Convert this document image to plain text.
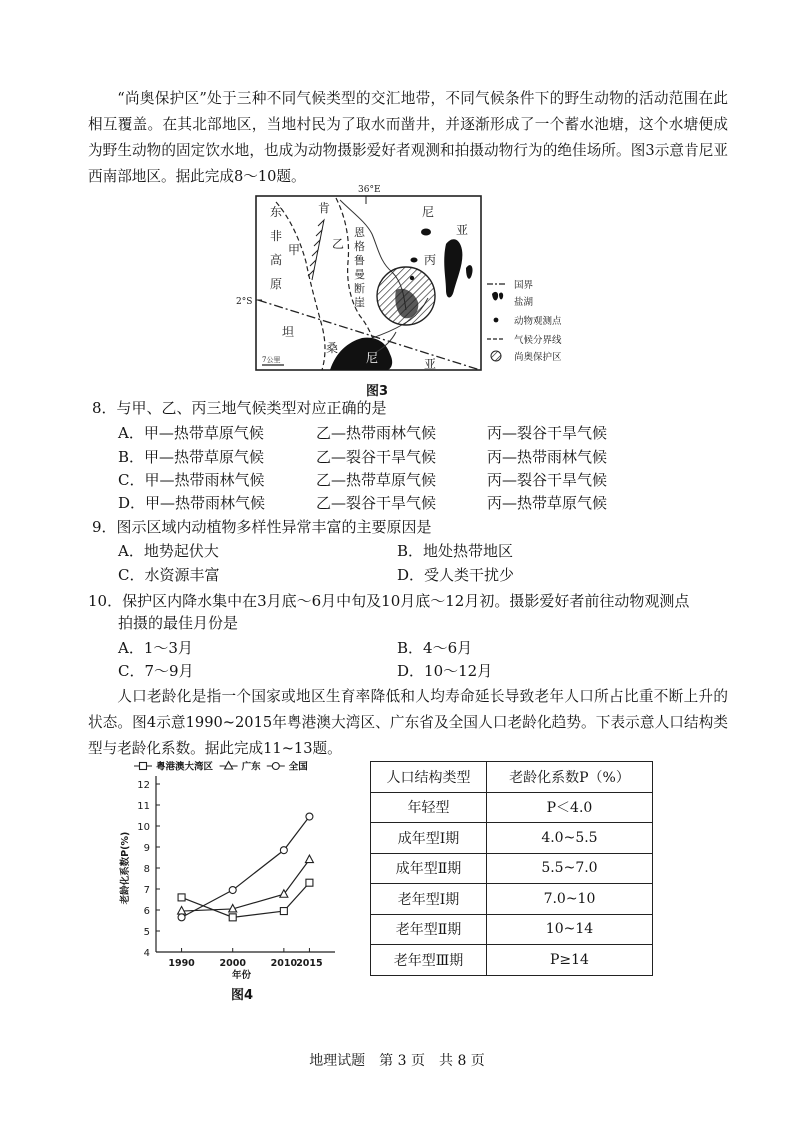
“尚奥保护区”处于三种不同气候类型的交汇地带，不同气候条件下的野生动物的活动范围在此相互覆盖。在其北部地区，当地村民为了取水而凿井，并逐渐形成了一个蓄水池塘，这个水塘便成为野生动物的固定饮水地，也成为动物摄影爱好者观测和拍摄动物行为的绝佳场所。图3示意肯尼亚西南部地区。据此完成8～10题。
36°E
2°S
东
非
高
原
肯	尼
亚
甲	乙
丙
恩
格
鲁
曼
断
崖
坦
桑
尼	亚
7公里
国界
盐湖
动物观测点
气候分界线
尚奥保护区
图3
8．与甲、乙、丙三地气候类型对应正确的是
A．甲—热带草原气候	乙—热带雨林气候	丙—裂谷干旱气候
B．甲—热带草原气候	乙—裂谷干旱气候	丙—热带雨林气候
C．甲—热带雨林气候	乙—热带草原气候	丙—裂谷干旱气候
D．甲—热带雨林气候	乙—裂谷干旱气候	丙—热带草原气候
9．图示区域内动植物多样性异常丰富的主要原因是
A．地势起伏大	B．地处热带地区
C．水资源丰富	D．受人类干扰少
10．保护区内降水集中在3月底～6月中旬及10月底～12月初。摄影爱好者前往动物观测点
拍摄的最佳月份是
A．1～3月	B．4～6月
C．7～9月	D．10～12月
人口老龄化是指一个国家或地区生育率降低和人均寿命延长导致老年人口所占比重不断上升的状态。图4示意1990~2015年粤港澳大湾区、广东省及全国人口老龄化趋势。下表示意人口结构类型与老龄化系数。据此完成11~13题。
4
5
6
7
8
9
10
11
12
1990	2000	2010 2015
年份
老龄化系数P(%)
粤港澳大湾区	广东	全国
图4
人口结构类型	老龄化系数P（%）
年轻型	P＜4.0
成年型Ⅰ期	4.0~5.5
成年型Ⅱ期	5.5~7.0
老年型Ⅰ期	7.0~10
老年型Ⅱ期	10~14
老年型Ⅲ期	P≥14
地理试题　第 3 页　共 8 页
